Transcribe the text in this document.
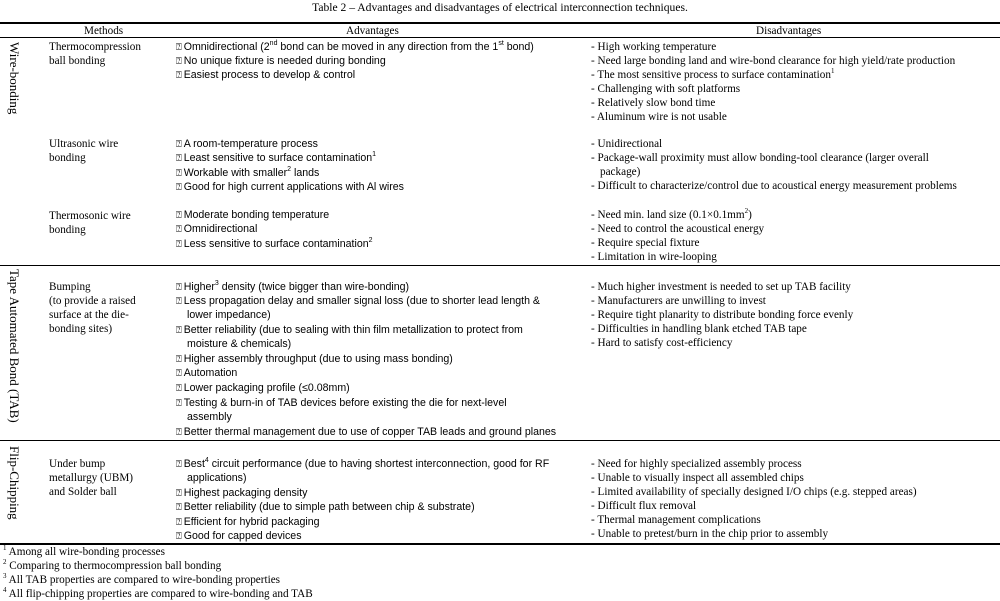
Table 2 – Advantages and disadvantages of electrical interconnection techniques.
Methods	Advantages	Disadvantages
Wire-bonding
Tape Automated Bond (TAB)
Flip-Chipping
Thermocompression
ball bonding
Ultrasonic wire
bonding
Thermosonic wire
bonding
Bumping
(to provide a raised
surface at the die-
bonding sites)
Under bump
metallurgy (UBM)
and Solder ball
⍰ Omnidirectional (2nd bond can be moved in any direction from the 1st bond)
⍰ No unique fixture is needed during bonding
⍰ Easiest process to develop & control
⍰ A room-temperature process
⍰ Least sensitive to surface contamination$^1$
⍰ Workable with smaller$^2$ lands
⍰ Good for high current applications with Al wires
⍰ Moderate bonding temperature
⍰ Omnidirectional
⍰ Less sensitive to surface contamination$^2$
⍰ Higher$^3$ density (twice bigger than wire-bonding)
⍰ Less propagation delay and smaller signal loss (due to shorter lead length &
lower impedance)
⍰ Better reliability (due to sealing with thin film metallization to protect from
moisture & chemicals)
⍰ Higher assembly throughput (due to using mass bonding)
⍰ Automation
⍰ Lower packaging profile (≤0.08mm)
⍰ Testing & burn-in of TAB devices before existing the die for next-level
assembly
⍰ Better thermal management due to use of copper TAB leads and ground planes
⍰ Best$^4$ circuit performance (due to having shortest interconnection, good for RF
applications)
⍰ Highest packaging density
⍰ Better reliability (due to simple path between chip & substrate)
⍰ Efficient for hybrid packaging
⍰ Good for capped devices
- High working temperature
- Need large bonding land and wire-bond clearance for high yield/rate production
- The most sensitive process to surface contamination$^1$
- Challenging with soft platforms
- Relatively slow bond time
- Aluminum wire is not usable
- Unidirectional
- Package-wall proximity must allow bonding-tool clearance (larger overall
package)
- Difficult to characterize/control due to acoustical energy measurement problems
- Need min. land size $(0.1\times 0.1mm^2)$
- Need to control the acoustical energy
- Require special fixture
- Limitation in wire-looping
- Much higher investment is needed to set up TAB facility
- Manufacturers are unwilling to invest
- Require tight planarity to distribute bonding force evenly
- Difficulties in handling blank etched TAB tape
- Hard to satisfy cost-efficiency
- Need for highly specialized assembly process
- Unable to visually inspect all assembled chips
- Limited availability of specially designed I/O chips (e.g. stepped areas)
- Difficult flux removal
- Thermal management complications
- Unable to pretest/burn in the chip prior to assembly
$^1$ Among all wire-bonding processes
$^2$ Comparing to thermocompression ball bonding
$^3$ All TAB properties are compared to wire-bonding properties
$^4$ All flip-chipping properties are compared to wire-bonding and TAB
